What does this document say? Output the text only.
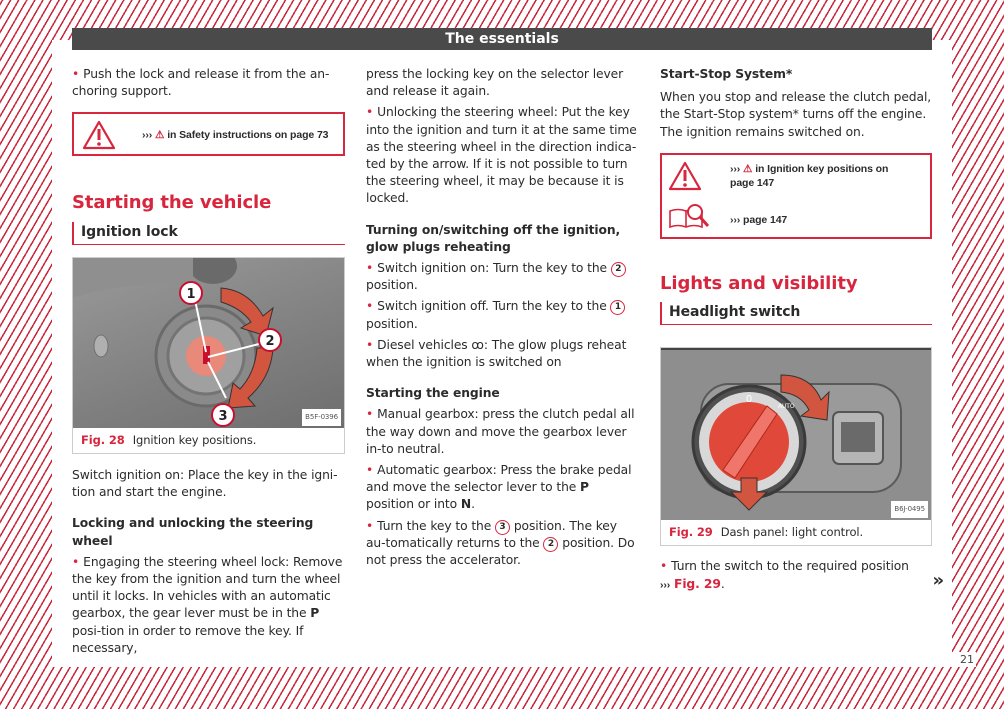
The essentials
21

• Push the lock and release it from the an-choring support.

››› ⚠ in Safety instructions on page 73
Starting the vehicle
Ignition lock
1
2
3	B5F-0396
Fig. 28 Ignition key positions.

Switch ignition on: Place the key in the igni-tion and start the engine.

Locking and unlocking the steering wheel

• Engaging the steering wheel lock: Remove the key from the ignition and turn the wheel until it locks. In vehicles with an automatic gearbox, the gear lever must be in the P posi-tion in order to remove the key. If necessary,

press the locking key on the selector lever and release it again.

• Unlocking the steering wheel: Put the key into the ignition and turn it at the same time as the steering wheel in the direction indica-ted by the arrow. If it is not possible to turn the steering wheel, it may be because it is locked.

Turning on/switching off the ignition, glow plugs reheating

• Switch ignition on: Turn the key to the 2 position.

• Switch ignition off. Turn the key to the 1 position.

• Diesel vehicles ꝏ: The glow plugs reheat when the ignition is switched on

Starting the engine

• Manual gearbox: press the clutch pedal all the way down and move the gearbox lever in-to neutral.

• Automatic gearbox: Press the brake pedal and move the selector lever to the P position or into N.

• Turn the key to the 3 position. The key au-tomatically returns to the 2 position. Do not press the accelerator.

Start-Stop System*

When you stop and release the clutch pedal, the Start-Stop system* turns off the engine. The ignition remains switched on.

››› ⚠ in Ignition key positions on page 147
››› page 147
Lights and visibility
Headlight switch
0
AUTO
B6J-0495
Fig. 29 Dash panel: light control.

• Turn the switch to the required position

››› Fig. 29.	»
